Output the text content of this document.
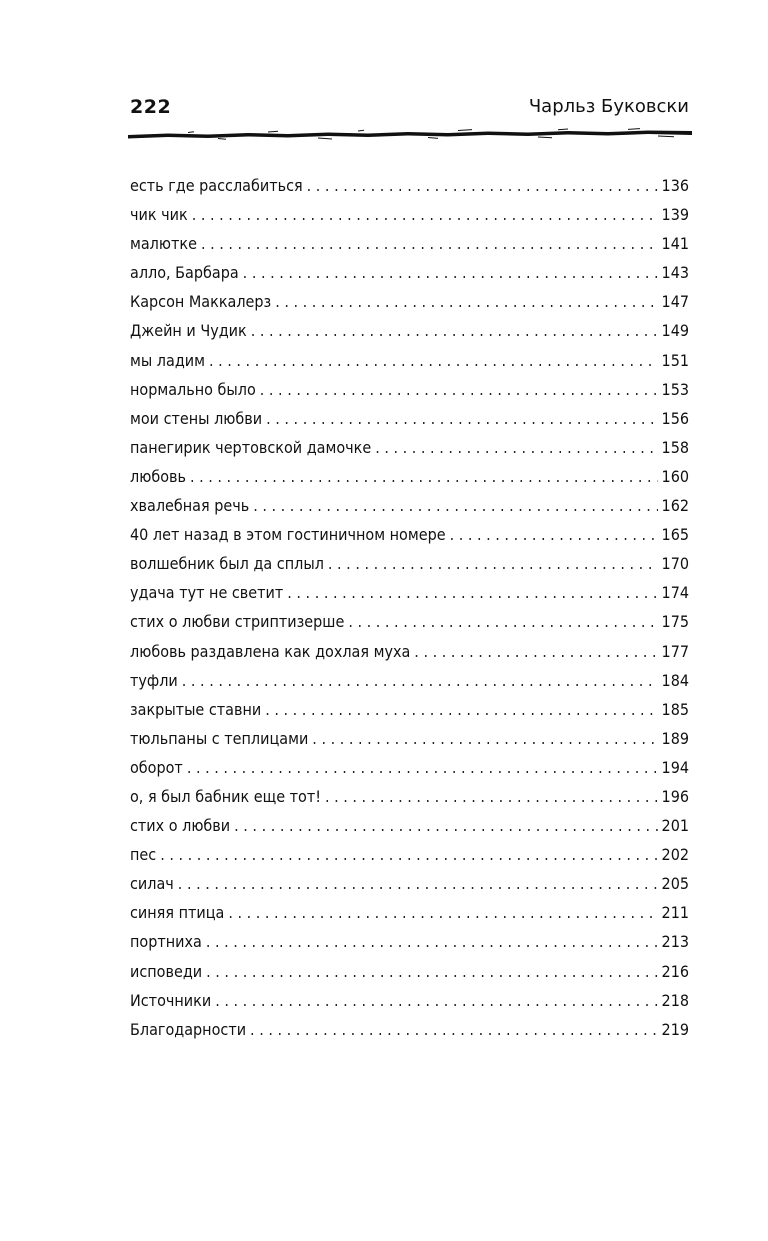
222	Чарльз Буковски
есть где расслабиться . . .	136
чик чик . . .	139
малютке . . .	141
алло, Барбара . . .	143
Карсон Маккалерз . . .	147
Джейн и Чудик . . .	149
мы ладим . . .	151
нормально было . . .	153
мои стены любви . . .	156
панегирик чертовской дамочке . . .	158
любовь . . .	160
хвалебная речь . . .	162
40 лет назад в этом гостиничном номере . . .	165
волшебник был да сплыл . . .	170
удача тут не светит . . .	174
стих о любви стриптизерше . . .	175
любовь раздавлена как дохлая муха . . .	177
туфли . . .	184
закрытые ставни . . .	185
тюльпаны с теплицами . . .	189
оборот . . .	194
о, я был бабник еще тот! . . .	196
стих о любви . . .	201
пес . . .	202
силач . . .	205
синяя птица . . .	211
портниха . . .	213
исповеди . . .	216
Источники . . .	218
Благодарности . . .	219
